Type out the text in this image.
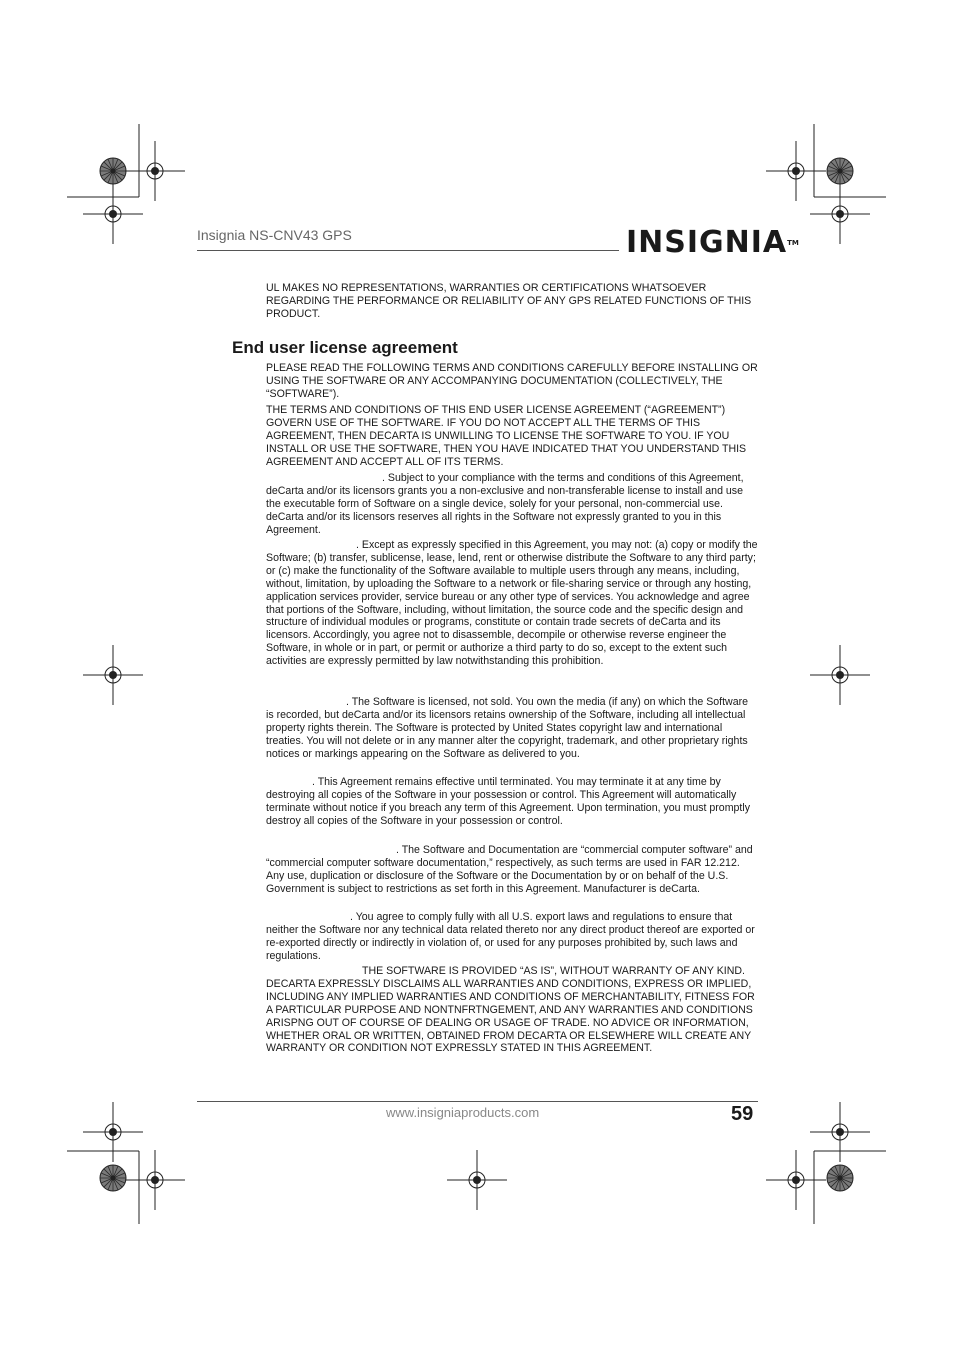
Insignia NS-CNV43 GPS	INSIGNIA™

UL MAKES NO REPRESENTATIONS, WARRANTIES OR CERTIFICATIONS WHATSOEVER REGARDING THE PERFORMANCE OR RELIABILITY OF ANY GPS RELATED FUNCTIONS OF THIS PRODUCT.

End user license agreement

PLEASE READ THE FOLLOWING TERMS AND CONDITIONS CAREFULLY BEFORE INSTALLING OR USING THE SOFTWARE OR ANY ACCOMPANYING DOCUMENTATION (COLLECTIVELY, THE “SOFTWARE”).

THE TERMS AND CONDITIONS OF THIS END USER LICENSE AGREEMENT (“AGREEMENT”) GOVERN USE OF THE SOFTWARE. IF YOU DO NOT ACCEPT ALL THE TERMS OF THIS AGREEMENT, THEN DECARTA IS UNWILLING TO LICENSE THE SOFTWARE TO YOU. IF YOU INSTALL OR USE THE SOFTWARE, THEN YOU HAVE INDICATED THAT YOU UNDERSTAND THIS AGREEMENT AND ACCEPT ALL OF ITS TERMS.

. Subject to your compliance with the terms and conditions of this Agreement, deCarta and/or its licensors grants you a non-exclusive and non-transferable license to install and use the executable form of Software on a single device, solely for your personal, non-commercial use. deCarta and/or its licensors reserves all rights in the Software not expressly granted to you in this Agreement.

. Except as expressly specified in this Agreement, you may not: (a) copy or modify the Software; (b) transfer, sublicense, lease, lend, rent or otherwise distribute the Software to any third party; or (c) make the functionality of the Software available to multiple users through any means, including, without, limitation, by uploading the Software to a network or file-sharing service or through any hosting, application services provider, service bureau or any other type of services. You acknowledge and agree that portions of the Software, including, without limitation, the source code and the specific design and structure of individual modules or programs, constitute or contain trade secrets of deCarta and its licensors. Accordingly, you agree not to disassemble, decompile or otherwise reverse engineer the Software, in whole or in part, or permit or authorize a third party to do so, except to the extent such activities are expressly permitted by law notwithstanding this prohibition.

. The Software is licensed, not sold. You own the media (if any) on which the Software is recorded, but deCarta and/or its licensors retains ownership of the Software, including all intellectual property rights therein. The Software is protected by United States copyright law and international treaties. You will not delete or in any manner alter the copyright, trademark, and other proprietary rights notices or markings appearing on the Software as delivered to you.

. This Agreement remains effective until terminated. You may terminate it at any time by destroying all copies of the Software in your possession or control. This Agreement will automatically terminate without notice if you breach any term of this Agreement. Upon termination, you must promptly destroy all copies of the Software in your possession or control.

. The Software and Documentation are “commercial computer software” and “commercial computer software documentation,” respectively, as such terms are used in FAR 12.212. Any use, duplication or disclosure of the Software or the Documentation by or on behalf of the U.S. Government is subject to restrictions as set forth in this Agreement. Manufacturer is deCarta.

. You agree to comply fully with all U.S. export laws and regulations to ensure that neither the Software nor any technical data related thereto nor any direct product thereof are exported or re-exported directly or indirectly in violation of, or used for any purposes prohibited by, such laws and regulations.

THE SOFTWARE IS PROVIDED “AS IS”, WITHOUT WARRANTY OF ANY KIND. DECARTA EXPRESSLY DISCLAIMS ALL WARRANTIES AND CONDITIONS, EXPRESS OR IMPLIED, INCLUDING ANY IMPLIED WARRANTIES AND CONDITIONS OF MERCHANTABILITY, FITNESS FOR A PARTICULAR PURPOSE AND NONTNFRTNGEMENT, AND ANY WARRANTIES AND CONDITIONS ARISPNG OUT OF COURSE OF DEALING OR USAGE OF TRADE. NO ADVICE OR INFORMATION, WHETHER ORAL OR WRITTEN, OBTAINED FROM DECARTA OR ELSEWHERE WILL CREATE ANY WARRANTY OR CONDITION NOT EXPRESSLY STATED IN THIS AGREEMENT.

www.insigniaproducts.com	59
